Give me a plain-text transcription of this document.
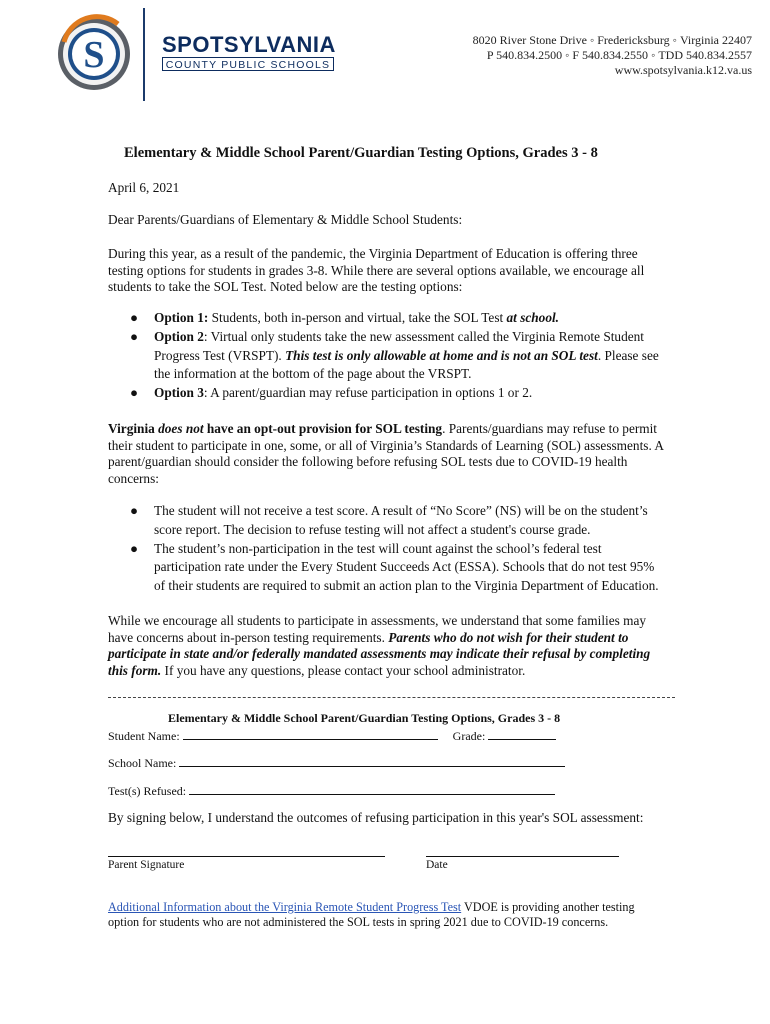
S	SPOTSYLVANIA
COUNTY PUBLIC SCHOOLS
8020 River Stone Drive ◦ Fredericksburg ◦ Virginia 22407
P 540.834.2500 ◦ F 540.834.2550 ◦ TDD 540.834.2557
www.spotsylvania.k12.va.us
Elementary & Middle School Parent/Guardian Testing Options, Grades 3 - 8

April 6, 2021

Dear Parents/Guardians of Elementary & Middle School Students:

During this year, as a result of the pandemic, the Virginia Department of Education is offering three testing options for students in grades 3-8. While there are several options available, we encourage all students to take the SOL Test. Noted below are the testing options:

● Option 1: Students, both in-person and virtual, take the SOL Test at school.
● Option 2: Virtual only students take the new assessment called the Virginia Remote Student Progress Test (VRSPT). This test is only allowable at home and is not an SOL test. Please see the information at the bottom of the page about the VRSPT.
● Option 3: A parent/guardian may refuse participation in options 1 or 2.

Virginia does not have an opt-out provision for SOL testing. Parents/guardians may refuse to permit their student to participate in one, some, or all of Virginia’s Standards of Learning (SOL) assessments. A parent/guardian should consider the following before refusing SOL tests due to COVID-19 health concerns:

● The student will not receive a test score. A result of “No Score” (NS) will be on the student’s score report. The decision to refuse testing will not affect a student's course grade.
● The student’s non-participation in the test will count against the school’s federal test participation rate under the Every Student Succeeds Act (ESSA). Schools that do not test 95% of their students are required to submit an action plan to the Virginia Department of Education.

While we encourage all students to participate in assessments, we understand that some families may have concerns about in-person testing requirements. Parents who do not wish for their student to participate in state and/or federally mandated assessments may indicate their refusal by completing this form. If you have any questions, please contact your school administrator.

Elementary & Middle School Parent/Guardian Testing Options, Grades 3 - 8
Student Name:	Grade:
School Name:
Test(s) Refused:

By signing below, I understand the outcomes of refusing participation in this year's SOL assessment:

Parent Signature	Date

Additional Information about the Virginia Remote Student Progress Test VDOE is providing another testing option for students who are not administered the SOL tests in spring 2021 due to COVID-19 concerns.
